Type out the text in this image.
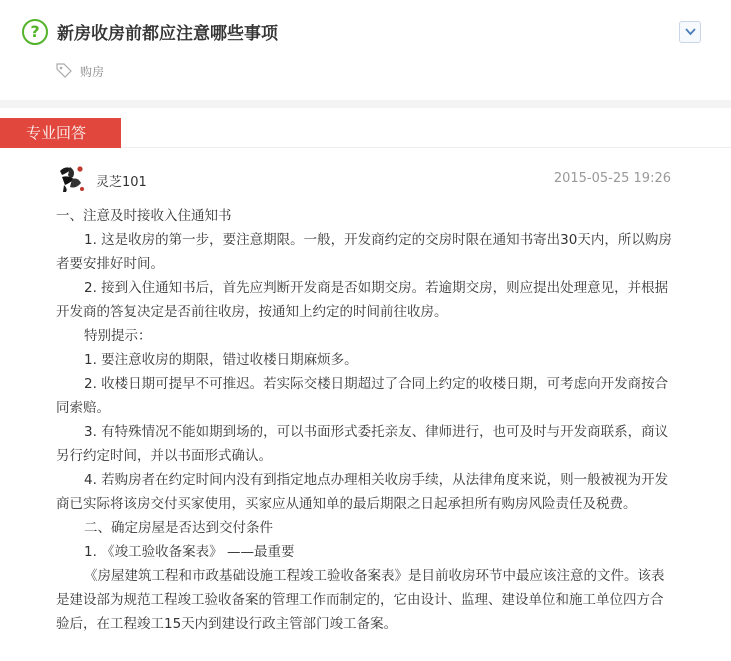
?	新房收房前都应注意哪些事项
购房
专业回答
灵芝101	2015-05-25 19:26

一、注意及时接收入住通知书

1. 这是收房的第一步，要注意期限。一般，开发商约定的交房时限在通知书寄出30天内，所以购房者要安排好时间。

2. 接到入住通知书后，首先应判断开发商是否如期交房。若逾期交房，则应提出处理意见，并根据开发商的答复决定是否前往收房，按通知上约定的时间前往收房。

特别提示：

1. 要注意收房的期限，错过收楼日期麻烦多。

2. 收楼日期可提早不可推迟。若实际交楼日期超过了合同上约定的收楼日期，可考虑向开发商按合同索赔。

3. 有特殊情况不能如期到场的，可以书面形式委托亲友、律师进行，也可及时与开发商联系，商议另行约定时间，并以书面形式确认。

4. 若购房者在约定时间内没有到指定地点办理相关收房手续，从法律角度来说，则一般被视为开发商已实际将该房交付买家使用，买家应从通知单的最后期限之日起承担所有购房风险责任及税费。

二、确定房屋是否达到交付条件

1. 《竣工验收备案表》 ——最重要

《房屋建筑工程和市政基础设施工程竣工验收备案表》是目前收房环节中最应该注意的文件。该表是建设部为规范工程竣工验收备案的管理工作而制定的，它由设计、监理、建设单位和施工单位四方合验后，在工程竣工15天内到建设行政主管部门竣工备案。
